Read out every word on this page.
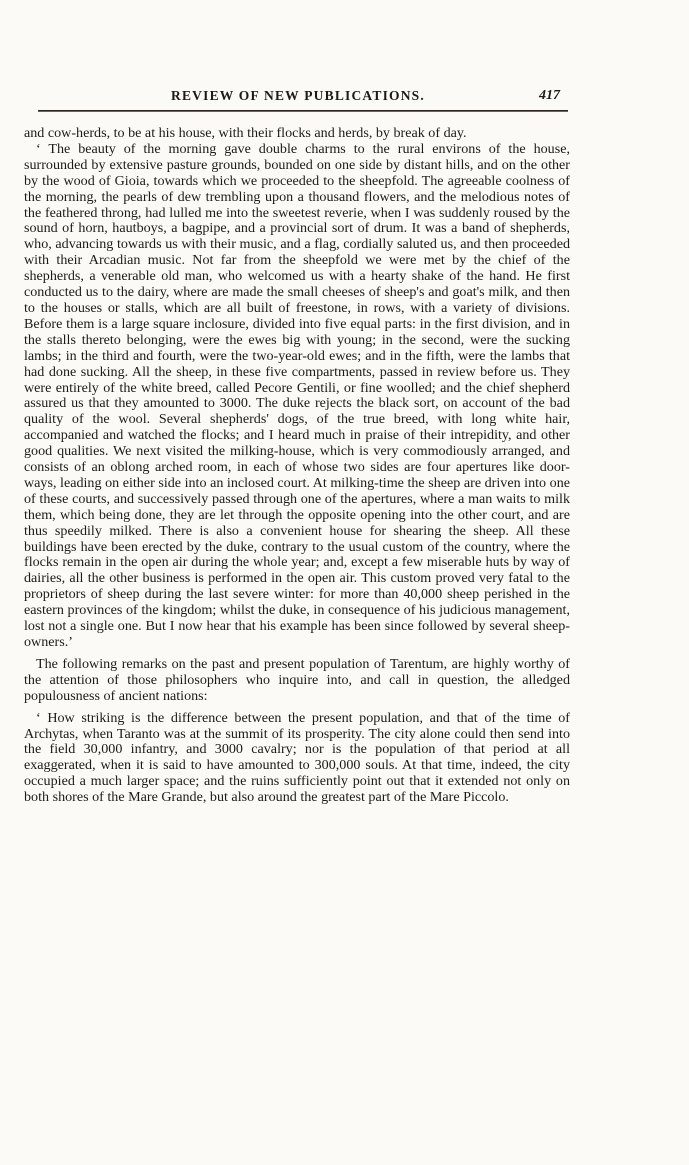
REVIEW OF NEW PUBLICATIONS.	417

and cow-herds, to be at his house, with their flocks and herds, by break of day.

‘ The beauty of the morning gave double charms to the rural environs of the house, surrounded by extensive pasture grounds, bounded on one side by distant hills, and on the other by the wood of Gioia, towards which we proceeded to the sheepfold. The agreeable coolness of the morning, the pearls of dew trembling upon a thousand flowers, and the melodious notes of the feathered throng, had lulled me into the sweetest reverie, when I was suddenly roused by the sound of horn, hautboys, a bagpipe, and a provincial sort of drum. It was a band of shepherds, who, advancing towards us with their music, and a flag, cordially saluted us, and then proceeded with their Arcadian music. Not far from the sheepfold we were met by the chief of the shepherds, a venerable old man, who welcomed us with a hearty shake of the hand. He first conducted us to the dairy, where are made the small cheeses of sheep's and goat's milk, and then to the houses or stalls, which are all built of freestone, in rows, with a variety of divisions. Before them is a large square inclosure, divided into five equal parts: in the first division, and in the stalls thereto belonging, were the ewes big with young; in the second, were the sucking lambs; in the third and fourth, were the two-year-old ewes; and in the fifth, were the lambs that had done sucking. All the sheep, in these five compartments, passed in review before us. They were entirely of the white breed, called Pecore Gentili, or fine woolled; and the chief shepherd assured us that they amounted to 3000. The duke rejects the black sort, on account of the bad quality of the wool. Several shepherds' dogs, of the true breed, with long white hair, accompanied and watched the flocks; and I heard much in praise of their intrepidity, and other good qualities. We next visited the milking-house, which is very commodiously arranged, and consists of an oblong arched room, in each of whose two sides are four apertures like door-ways, leading on either side into an inclosed court. At milking-time the sheep are driven into one of these courts, and successively passed through one of the apertures, where a man waits to milk them, which being done, they are let through the opposite opening into the other court, and are thus speedily milked. There is also a convenient house for shearing the sheep. All these buildings have been erected by the duke, contrary to the usual custom of the country, where the flocks remain in the open air during the whole year; and, except a few miserable huts by way of dairies, all the other business is performed in the open air. This custom proved very fatal to the proprietors of sheep during the last severe winter: for more than 40,000 sheep perished in the eastern provinces of the kingdom; whilst the duke, in consequence of his judicious management, lost not a single one. But I now hear that his example has been since followed by several sheep-owners.’

The following remarks on the past and present population of Tarentum, are highly worthy of the attention of those philosophers who inquire into, and call in question, the alledged populousness of ancient nations:

‘ How striking is the difference between the present population, and that of the time of Archytas, when Taranto was at the summit of its prosperity. The city alone could then send into the field 30,000 infantry, and 3000 cavalry; nor is the population of that period at all exaggerated, when it is said to have amounted to 300,000 souls. At that time, indeed, the city occupied a much larger space; and the ruins sufficiently point out that it extended not only on both shores of the Mare Grande, but also around the greatest part of the Mare Piccolo.
